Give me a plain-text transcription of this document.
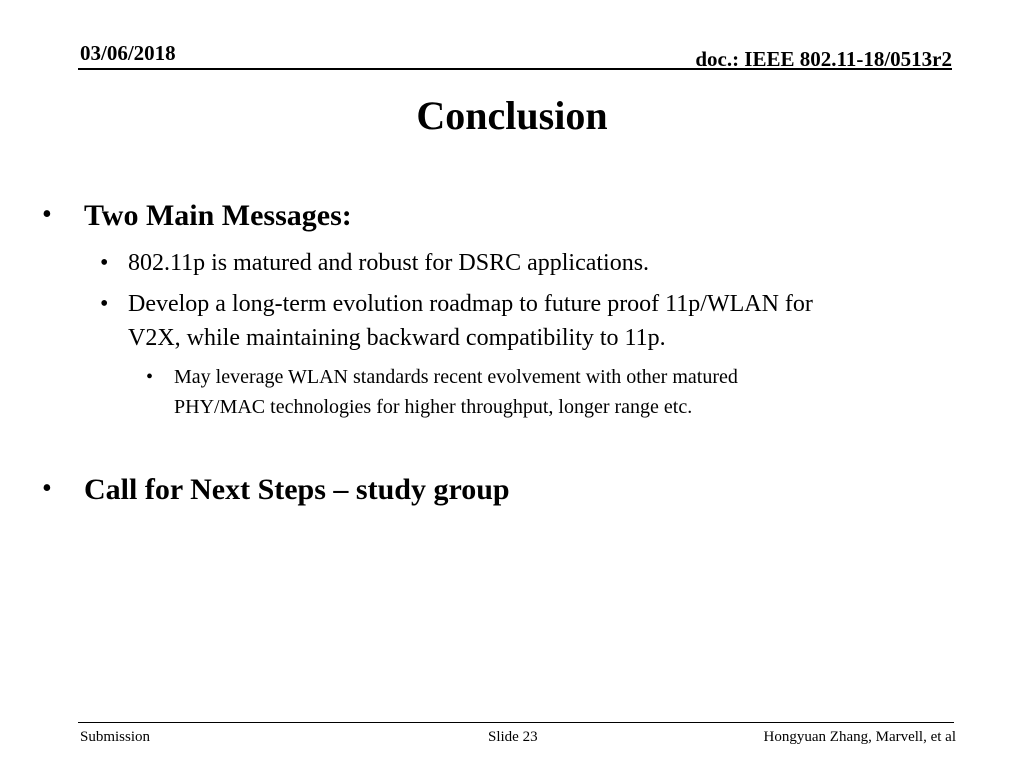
03/06/2018	doc.: IEEE 802.11-18/0513r2
Conclusion
• Two Main Messages:
• 802.11p is matured and robust for DSRC applications.
• Develop a long-term evolution roadmap to future proof 11p/WLAN for
V2X, while maintaining backward compatibility to 11p.
• May leverage WLAN standards recent evolvement with other matured
PHY/MAC technologies for higher throughput, longer range etc.
• Call for Next Steps – study group
Submission	Slide 23	Hongyuan Zhang, Marvell, et al
